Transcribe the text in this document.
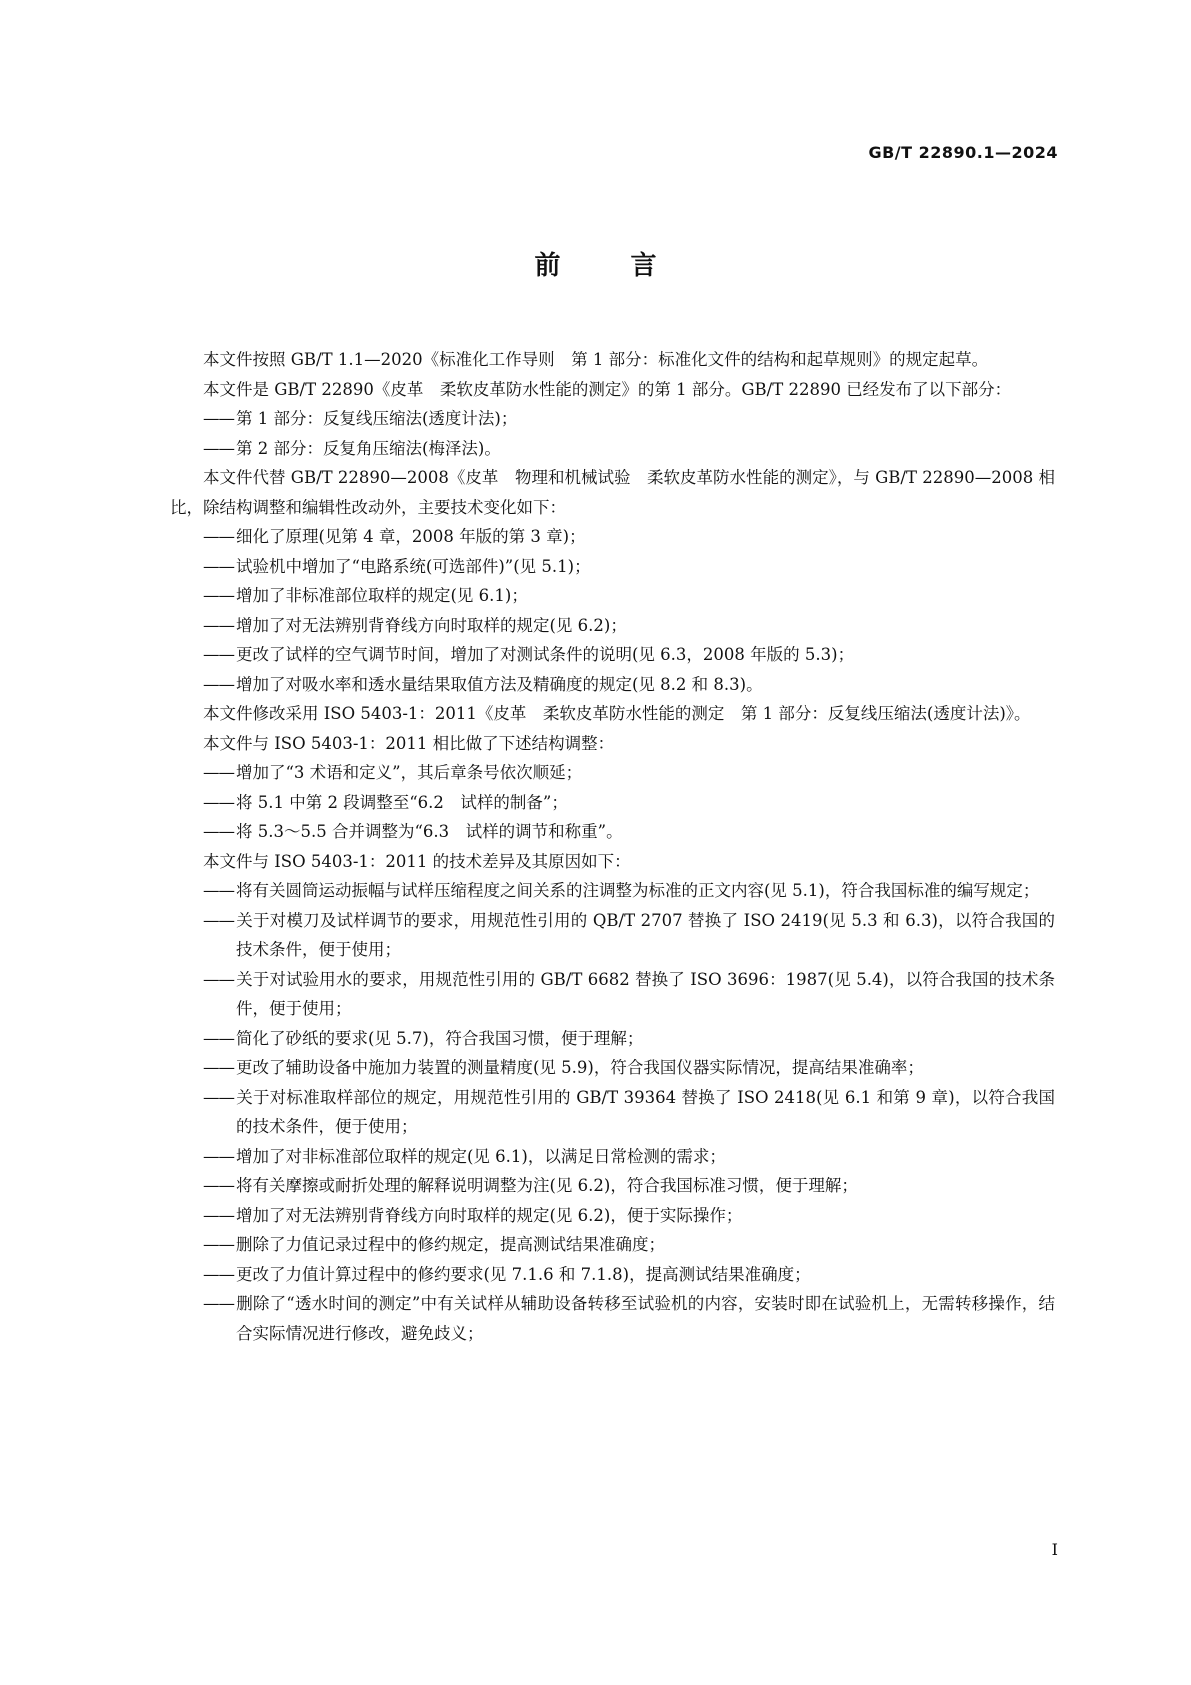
GB/T 22890.1—2024
前	言

本文件按照 GB/T 1.1—2020《标准化工作导则　第 1 部分：标准化文件的结构和起草规则》的规定起草。

本文件是 GB/T 22890《皮革　柔软皮革防水性能的测定》的第 1 部分。GB/T 22890 已经发布了以下部分：

—— 第 1 部分：反复线压缩法(透度计法)；

—— 第 2 部分：反复角压缩法(梅泽法)。

本文件代替 GB/T 22890—2008《皮革　物理和机械试验　柔软皮革防水性能的测定》，与 GB/T 22890—2008 相比，除结构调整和编辑性改动外，主要技术变化如下：

—— 细化了原理(见第 4 章，2008 年版的第 3 章)；

—— 试验机中增加了“电路系统(可选部件)”(见 5.1)；

—— 增加了非标准部位取样的规定(见 6.1)；

—— 增加了对无法辨别背脊线方向时取样的规定(见 6.2)；

—— 更改了试样的空气调节时间，增加了对测试条件的说明(见 6.3，2008 年版的 5.3)；

—— 增加了对吸水率和透水量结果取值方法及精确度的规定(见 8.2 和 8.3)。

本文件修改采用 ISO 5403-1：2011《皮革　柔软皮革防水性能的测定　第 1 部分：反复线压缩法(透度计法)》。

本文件与 ISO 5403-1：2011 相比做了下述结构调整：

—— 增加了“3 术语和定义”，其后章条号依次顺延；

—— 将 5.1 中第 2 段调整至“6.2　试样的制备”；

—— 将 5.3～5.5 合并调整为“6.3　试样的调节和称重”。

本文件与 ISO 5403-1：2011 的技术差异及其原因如下：

—— 将有关圆筒运动振幅与试样压缩程度之间关系的注调整为标准的正文内容(见 5.1)，符合我国标准的编写规定；

—— 关于对模刀及试样调节的要求，用规范性引用的 QB/T 2707 替换了 ISO 2419(见 5.3 和 6.3)，以符合我国的技术条件，便于使用；

—— 关于对试验用水的要求，用规范性引用的 GB/T 6682 替换了 ISO 3696：1987(见 5.4)，以符合我国的技术条件，便于使用；

—— 简化了砂纸的要求(见 5.7)，符合我国习惯，便于理解；

—— 更改了辅助设备中施加力装置的测量精度(见 5.9)，符合我国仪器实际情况，提高结果准确率；

—— 关于对标准取样部位的规定，用规范性引用的 GB/T 39364 替换了 ISO 2418(见 6.1 和第 9 章)，以符合我国的技术条件，便于使用；

—— 增加了对非标准部位取样的规定(见 6.1)，以满足日常检测的需求；

—— 将有关摩擦或耐折处理的解释说明调整为注(见 6.2)，符合我国标准习惯，便于理解；

—— 增加了对无法辨别背脊线方向时取样的规定(见 6.2)，便于实际操作；

—— 删除了力值记录过程中的修约规定，提高测试结果准确度；

—— 更改了力值计算过程中的修约要求(见 7.1.6 和 7.1.8)，提高测试结果准确度；

—— 删除了“透水时间的测定”中有关试样从辅助设备转移至试验机的内容，安装时即在试验机上，无需转移操作，结合实际情况进行修改，避免歧义；

I
